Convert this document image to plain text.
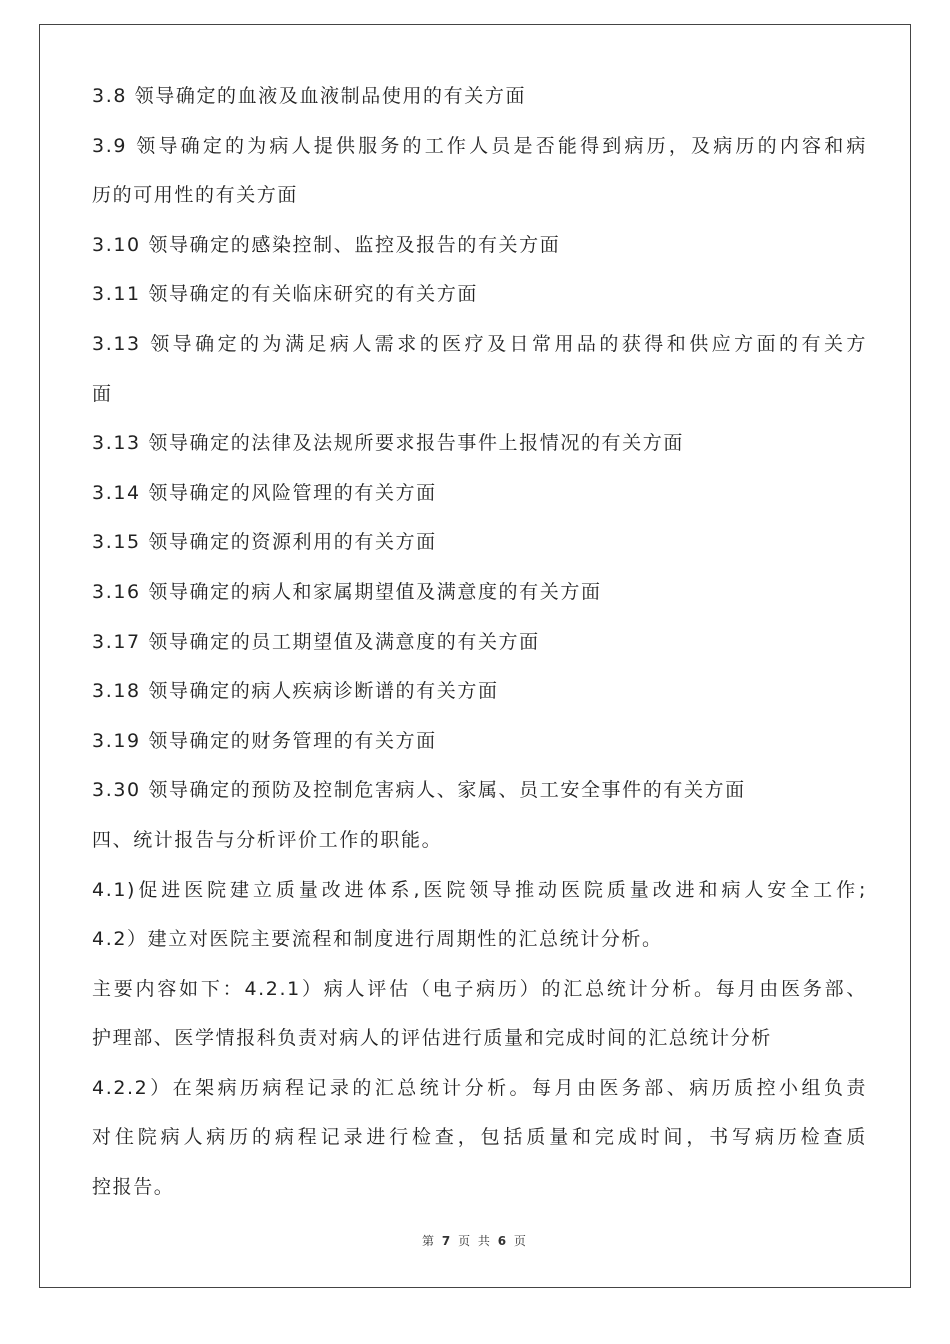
3.8 领导确定的血液及血液制品使用的有关方面
3.9 领导确定的为病人提供服务的工作人员是否能得到病历，及病历的内容和病
历的可用性的有关方面
3.10 领导确定的感染控制、监控及报告的有关方面
3.11 领导确定的有关临床研究的有关方面
3.13 领导确定的为满足病人需求的医疗及日常用品的获得和供应方面的有关方
面
3.13 领导确定的法律及法规所要求报告事件上报情况的有关方面
3.14 领导确定的风险管理的有关方面
3.15 领导确定的资源利用的有关方面
3.16 领导确定的病人和家属期望值及满意度的有关方面
3.17 领导确定的员工期望值及满意度的有关方面
3.18 领导确定的病人疾病诊断谱的有关方面
3.19 领导确定的财务管理的有关方面
3.30 领导确定的预防及控制危害病人、家属、员工安全事件的有关方面
四、统计报告与分析评价工作的职能。
4.1)促进医院建立质量改进体系,医院领导推动医院质量改进和病人安全工作;
4.2）建立对医院主要流程和制度进行周期性的汇总统计分析。
主要内容如下：4.2.1）病人评估（电子病历）的汇总统计分析。每月由医务部、
护理部、医学情报科负责对病人的评估进行质量和完成时间的汇总统计分析
4.2.2）在架病历病程记录的汇总统计分析。每月由医务部、病历质控小组负责
对住院病人病历的病程记录进行检查，包括质量和完成时间，书写病历检查质
控报告。
第 7 页 共 6 页
